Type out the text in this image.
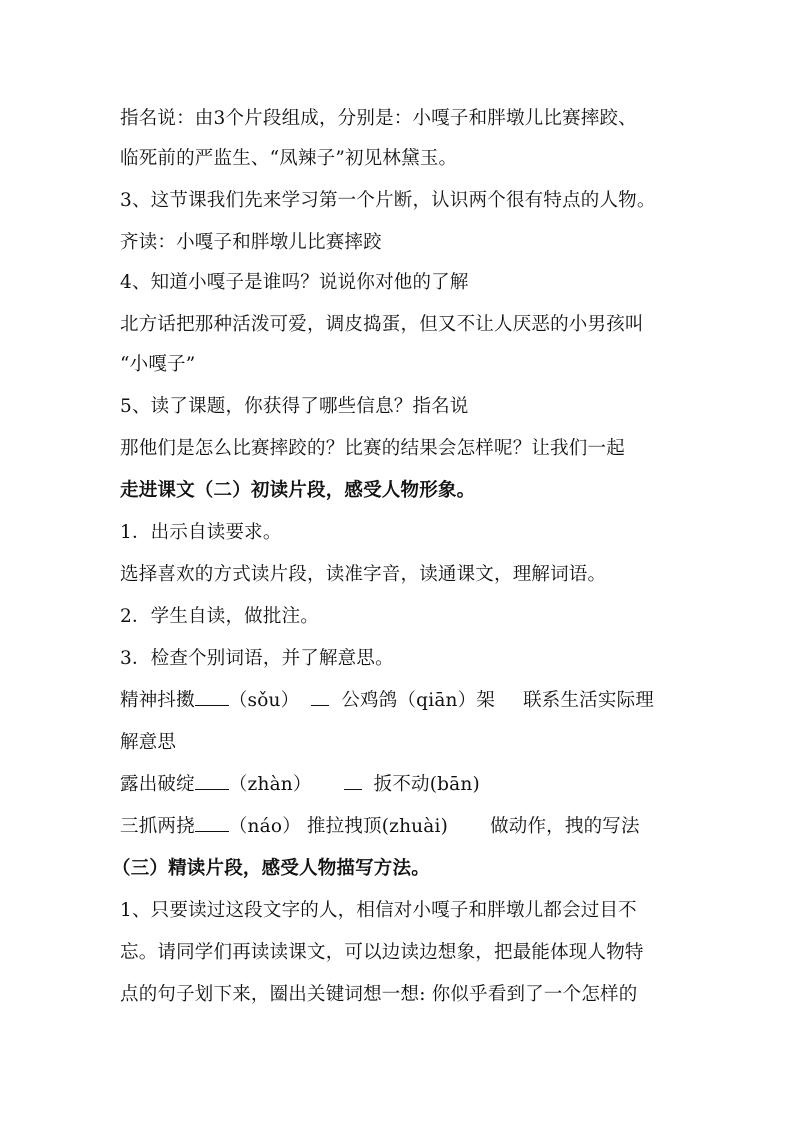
指名说：由3个片段组成，分别是：小嘎子和胖墩儿比赛摔跤、
临死前的严监生、“凤辣子”初见林黛玉。
3、这节课我们先来学习第一个片断，认识两个很有特点的人物。
齐读：小嘎子和胖墩儿比赛摔跤
4、知道小嘎子是谁吗？说说你对他的了解
北方话把那种活泼可爱，调皮捣蛋，但又不让人厌恶的小男孩叫
“小嘎子”
5、读了课题，你获得了哪些信息？指名说
那他们是怎么比赛摔跤的？比赛的结果会怎样呢？让我们一起
走进课文（二）初读片段，感受人物形象。
1．出示自读要求。
选择喜欢的方式读片段，读准字音，读通课文，理解词语。
2．学生自读，做批注。
3．检查个别词语，并了解意思。
精神抖擞 （sǒu） 公鸡鸽（qiān）架 联系生活实际理
解意思
露出破绽 （zhàn）	扳不动(bān)
三抓两挠 （náo） 推拉拽顶(zhuài) 做动作，拽的写法
（三）精读片段，感受人物描写方法。
1、只要读过这段文字的人，相信对小嘎子和胖墩儿都会过目不
忘。请同学们再读读课文，可以边读边想象，把最能体现人物特
点的句子划下来，圈出关键词想一想: 你似乎看到了一个怎样的
